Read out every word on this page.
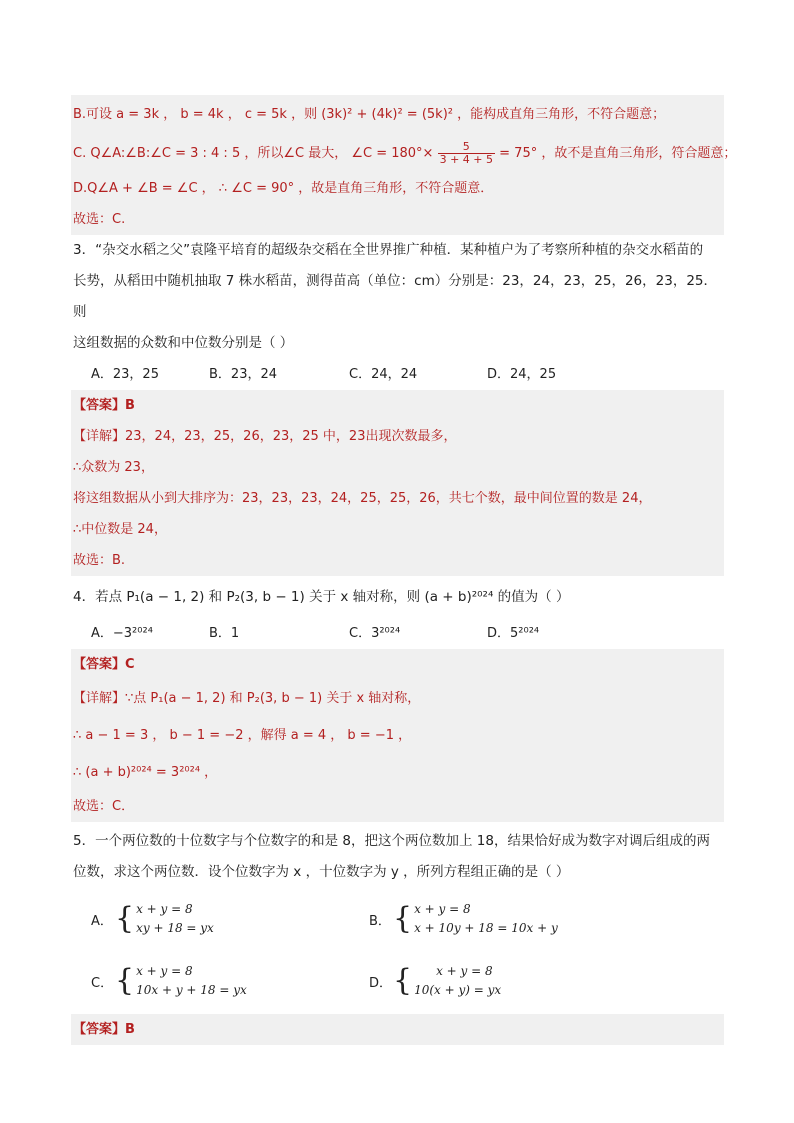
B.可设 a = 3k ， b = 4k ， c = 5k ，则 (3k)² + (4k)² = (5k)² ，能构成直角三角形，不符合题意；
C. Q∠A:∠B:∠C = 3 : 4 : 5 ，所以∠C 最大， ∠C = $180^\circ\times \frac{5}{3 + 4 + 5} = 75^\circ$ ，故不是直角三角形，符合题意；
D.Q∠A + ∠B = ∠C ， ∴ ∠C = 90° ，故是直角三角形，不符合题意．
故选：C.
3．“杂交水稻之父”袁隆平培育的超级杂交稻在全世界推广种植．某种植户为了考察所种植的杂交水稻苗的
长势，从稻田中随机抽取 7 株水稻苗，测得苗高（单位：cm）分别是：23，24，23，25，26，23，25．则
这组数据的众数和中位数分别是（ ）
A．23，25	B．23，24	C．24，24	D．24，25
【答案】B
【详解】23，24，23，25，26，23，25 中，23出现次数最多，
∴众数为 23，
将这组数据从小到大排序为：23，23，23，24，25，25，26，共七个数，最中间位置的数是 24，
∴中位数是 24，
故选：B.
4．若点 P₁(a − 1, 2) 和 P₂(3, b − 1) 关于 x 轴对称，则 (a + b)²⁰²⁴ 的值为（ ）
A．−3²⁰²⁴	B．1	C．3²⁰²⁴	D．5²⁰²⁴
【答案】C
【详解】∵点 P₁(a − 1, 2) 和 P₂(3, b − 1) 关于 x 轴对称，
∴ a − 1 = 3 ， b − 1 = −2 ，解得 a = 4 ， b = −1 ，
∴ (a + b)²⁰²⁴ = 3²⁰²⁴ ，
故选：C．
5．一个两位数的十位数字与个位数字的和是 8，把这个两位数加上 18，结果恰好成为数字对调后组成的两
位数，求这个两位数．设个位数字为 x ，十位数字为 y ，所列方程组正确的是（ ）
A． { x + y = 8
xy + 18 = yx	B． { x + y = 8
x + 10y + 18 = 10x + y
C． { x + y = 8
10x + y + 18 = yx	D． {	x + y = 8
10(x + y) = yx
【答案】B
